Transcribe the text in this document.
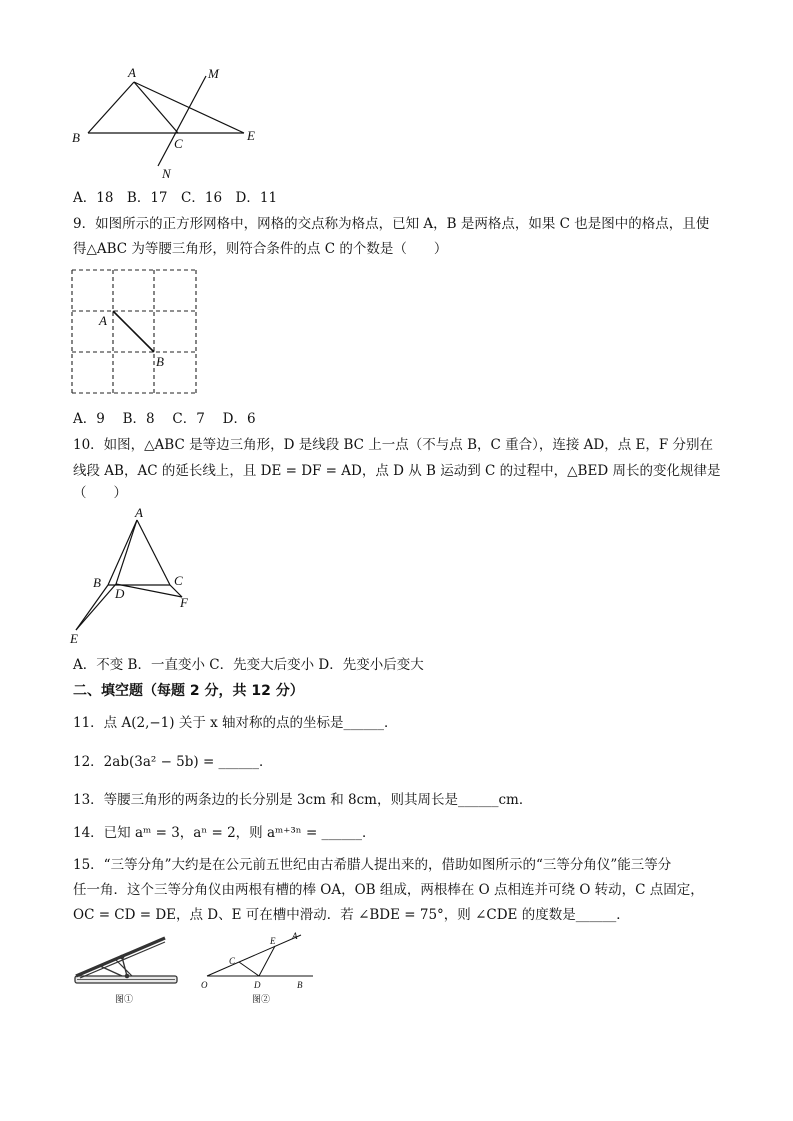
A
B	C
E
M
N
A．18　B．17　C．16　D．11
9．如图所示的正方形网格中，网格的交点称为格点，已知 A，B 是两格点，如果 C 也是图中的格点，且使
得△ABC 为等腰三角形，则符合条件的点 C 的个数是（　　）
A
B
A．9　 B．8　 C．7　 D．6
10．如图，△ABC 是等边三角形，D 是线段 BC 上一点（不与点 B，C 重合），连接 AD，点 E，F 分别在
线段 AB，AC 的延长线上，且 DE = DF = AD，点 D 从 B 运动到 C 的过程中，△BED 周长的变化规律是
（　　）
A
B	C
D
E
F
A．不变 B．一直变小 C．先变大后变小 D．先变小后变大
二、填空题（每题 2 分，共 12 分）
11．点 A(2,−1) 关于 x 轴对称的点的坐标是______．
12．2ab(3a² − 5b) = ______．
13．等腰三角形的两条边的长分别是 3cm 和 8cm，则其周长是______cm．
14．已知 aᵐ = 3，aⁿ = 2，则 aᵐ⁺³ⁿ = ______．
15．“三等分角”大约是在公元前五世纪由古希腊人提出来的，借助如图所示的“三等分角仪”能三等分
任一角．这个三等分角仪由两根有槽的棒 OA，OB 组成，两根棒在 O 点相连并可绕 O 转动，C 点固定，
OC = CD = DE，点 D、E 可在槽中滑动．若 ∠BDE = 75°，则 ∠CDE 的度数是______．
图①
O
C
D
E A
B
图②
